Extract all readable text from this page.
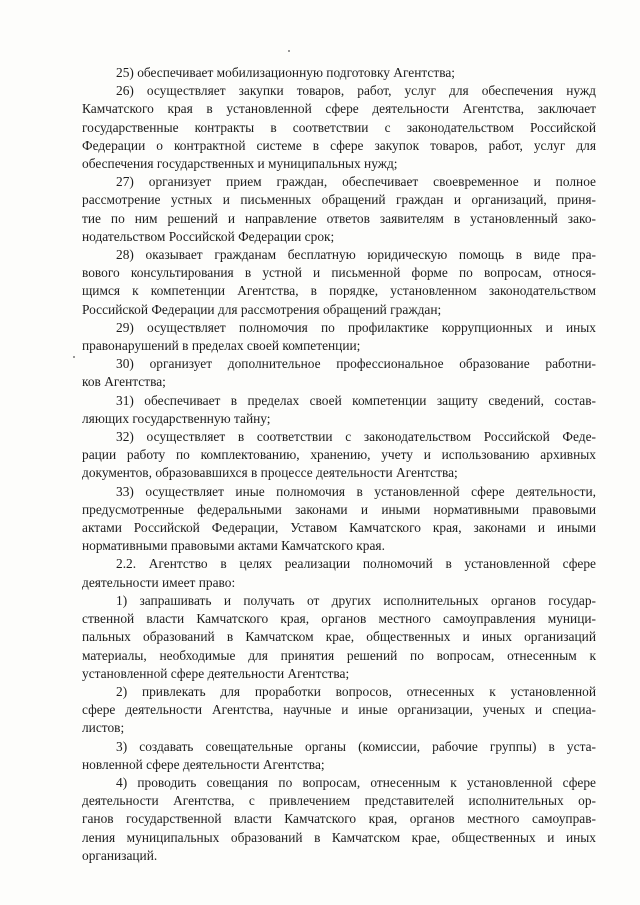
25) обеспечивает мобилизационную подготовку Агентства;

26) осуществляет закупки товаров, работ, услуг для обеспечения нужд
Камчатского края в установленной сфере деятельности Агентства, заключает
государственные контракты в соответствии с законодательством Российской
Федерации о контрактной системе в сфере закупок товаров, работ, услуг для
обеспечения государственных и муниципальных нужд;

27) организует прием граждан, обеспечивает своевременное и полное
рассмотрение устных и письменных обращений граждан и организаций, приня-
тие по ним решений и направление ответов заявителям в установленный зако-
нодательством Российской Федерации срок;

28) оказывает гражданам бесплатную юридическую помощь в виде пра-
вового консультирования в устной и письменной форме по вопросам, относя-
щимся к компетенции Агентства, в порядке, установленном законодательством
Российской Федерации для рассмотрения обращений граждан;

29) осуществляет полномочия по профилактике коррупционных и иных
правонарушений в пределах своей компетенции;

30) организует дополнительное профессиональное образование работни-
ков Агентства;

31) обеспечивает в пределах своей компетенции защиту сведений, состав-
ляющих государственную тайну;

32) осуществляет в соответствии с законодательством Российской Феде-
рации работу по комплектованию, хранению, учету и использованию архивных
документов, образовавшихся в процессе деятельности Агентства;

33) осуществляет иные полномочия в установленной сфере деятельности,
предусмотренные федеральными законами и иными нормативными правовыми
актами Российской Федерации, Уставом Камчатского края, законами и иными
нормативными правовыми актами Камчатского края.

2.2. Агентство в целях реализации полномочий в установленной сфере
деятельности имеет право:

1) запрашивать и получать от других исполнительных органов государ-
ственной власти Камчатского края, органов местного самоуправления муници-
пальных образований в Камчатском крае, общественных и иных организаций
материалы, необходимые для принятия решений по вопросам, отнесенным к
установленной сфере деятельности Агентства;

2) привлекать для проработки вопросов, отнесенных к установленной
сфере деятельности Агентства, научные и иные организации, ученых и специа-
листов;

3) создавать совещательные органы (комиссии, рабочие группы) в уста-
новленной сфере деятельности Агентства;

4) проводить совещания по вопросам, отнесенным к установленной сфере
деятельности Агентства, с привлечением представителей исполнительных ор-
ганов государственной власти Камчатского края, органов местного самоуправ-
ления муниципальных образований в Камчатском крае, общественных и иных
организаций.
